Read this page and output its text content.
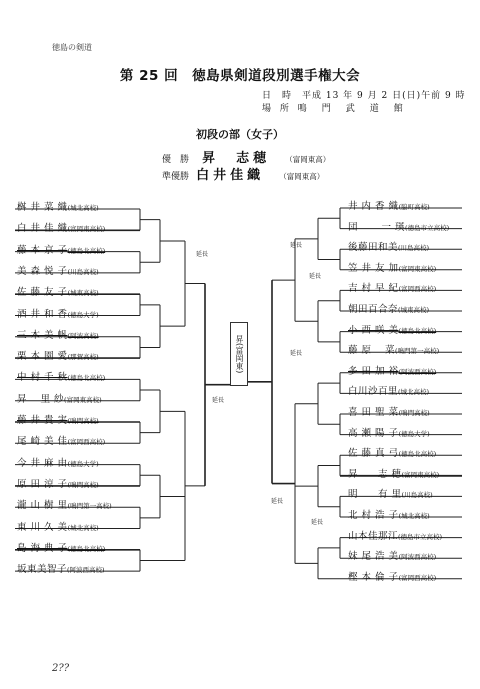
徳島の剣道
第 25 回　徳島県剣道段別選手権大会
日　時　平成 13 年 9 月 2 日(日)午前 9 時
場 所 鳴　門　武　道　館
初段の部（女子）
優　勝 昇　志穂 （富岡東高）
準優勝 白井佳織 （富岡東高）
昇(富岡東)
桝 井 菜 織(城北高校)
白 井 佳 織(富岡東高校)
藤 本 京 子(徳島北高校)
美 森 悦 子(川島高校)
佐 藤 友 子(城東高校)
酒 井 和 香(徳島大学)
三 木 美 帆(阿波高校)
栗 本 園 愛(那賀高校)
中 村 千 秋(徳島北高校)
昇　 里 紗(富岡東高校)
藤 井 貴 実(鳴門高校)
尾 崎 美 佳(富岡西高校)
今 井 麻 由(徳島大学)
原 田 涼 子(鳴門高校)
瀧 山 樹 里(鳴門第一高校)
東 川 久 美(城北高校)
島 海 典 子(徳島北高校)
坂東美智子(阿波西高校)
井 内 香 織(脇町高校)
団　　 一 瑛(徳島市立高校)
後藤田和美(川島高校)
笠 井 友 加(富岡東高校)
吉 村 早 紀(富岡西高校)
朝田百合奈(城東高校)
小 西 咲 美(徳島北高校)
藤 原　 菜(鳴門第一高校)
多 田 加 裕(阿波西高校)
白川沙百里(城北高校)
喜 田 聖 菜(鳴門高校)
高 瀬 陽 子(徳島大学)
佐 藤 真 弓(徳島北高校)
昇　　志 穂(富岡東高校)
明　　有 里(川島高校)
北 村 浩 子(城北高校)
山本佳那江(徳島市立高校)
妹 尾 浩 美(阿波西高校)
樫 本 倫 子(富岡西高校)
延長
延長
延長
延長
延長
延長
延長
2??
